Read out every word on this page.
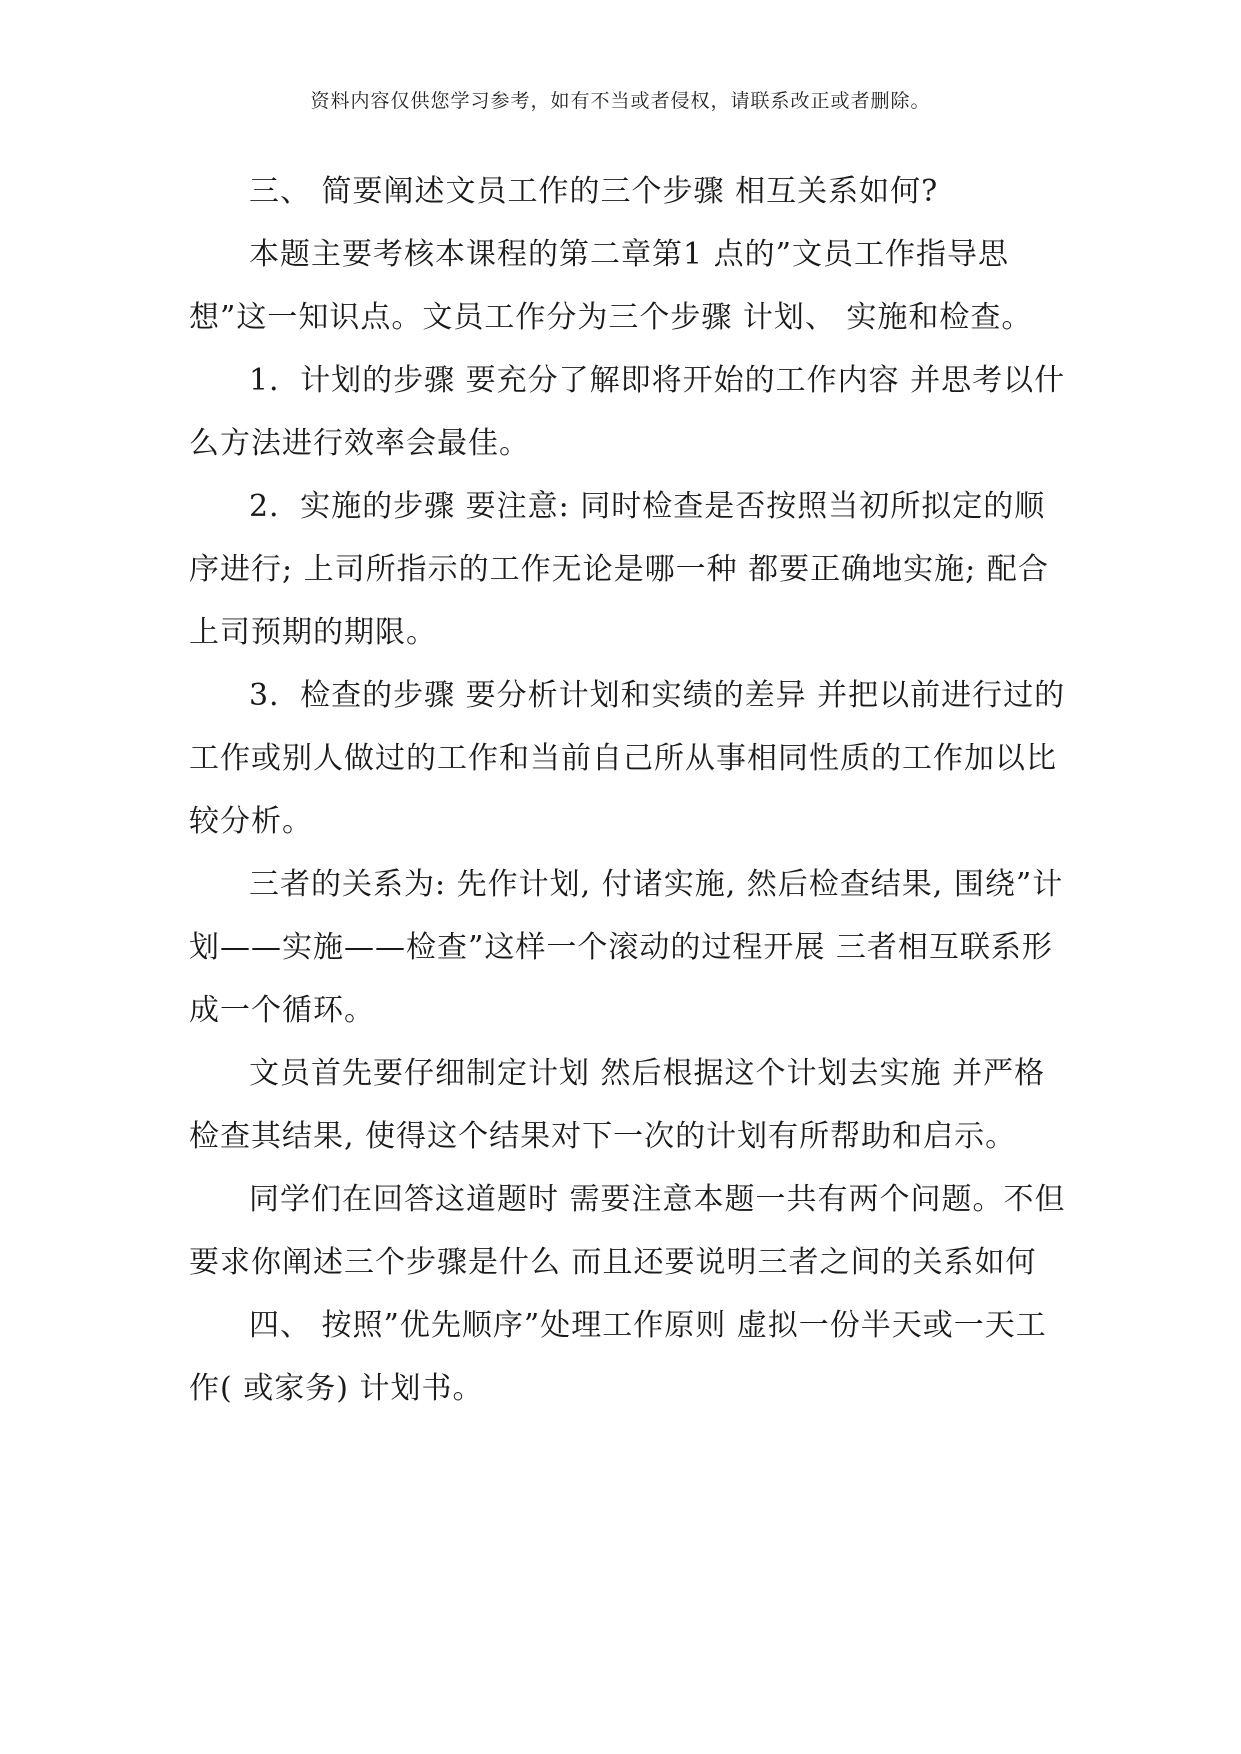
资料内容仅供您学习参考，如有不当或者侵权，请联系改正或者删除。

三、 简要阐述文员工作的三个步骤 相互关系如何?

本题主要考核本课程的第二章第1 点的”文员工作指导思想”这一知识点。文员工作分为三个步骤 计划、 实施和检查。

1．计划的步骤 要充分了解即将开始的工作内容 并思考以什么方法进行效率会最佳。

2．实施的步骤 要注意: 同时检查是否按照当初所拟定的顺序进行; 上司所指示的工作无论是哪一种 都要正确地实施; 配合上司预期的期限。

3．检查的步骤 要分析计划和实绩的差异 并把以前进行过的工作或别人做过的工作和当前自己所从事相同性质的工作加以比较分析。

三者的关系为: 先作计划, 付诸实施, 然后检查结果, 围绕”计划——实施——检查”这样一个滚动的过程开展 三者相互联系形成一个循环。

文员首先要仔细制定计划 然后根据这个计划去实施 并严格检查其结果, 使得这个结果对下一次的计划有所帮助和启示。

同学们在回答这道题时 需要注意本题一共有两个问题。不但要求你阐述三个步骤是什么 而且还要说明三者之间的关系如何

四、 按照”优先顺序”处理工作原则 虚拟一份半天或一天工作( 或家务) 计划书。
